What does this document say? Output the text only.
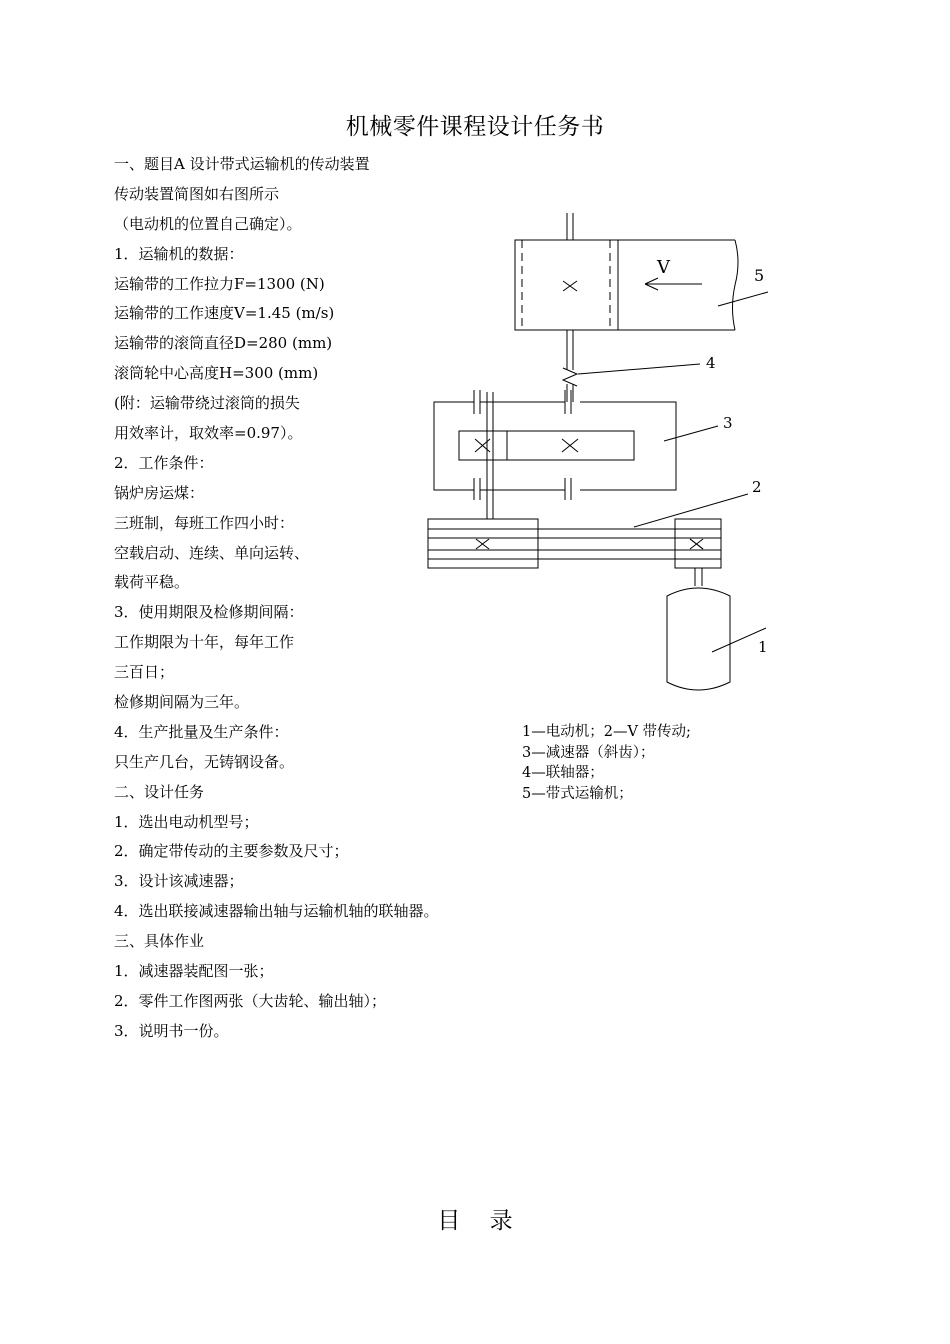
机械零件课程设计任务书
一、题目A 设计带式运输机的传动装置
传动装置简图如右图所示
（电动机的位置自己确定）。
1．运输机的数据：
运输带的工作拉力F=1300 (N)
运输带的工作速度V=1.45 (m/s)
运输带的滚筒直径D=280 (mm)
滚筒轮中心高度H=300 (mm)
(附：运输带绕过滚筒的损失
用效率计，取效率=0.97）。
2．工作条件：
锅炉房运煤：
三班制，每班工作四小时：
空载启动、连续、单向运转、
载荷平稳。
3．使用期限及检修期间隔：
工作期限为十年，每年工作
三百日；
检修期间隔为三年。
4．生产批量及生产条件：
只生产几台，无铸钢设备。
二、设计任务
1．选出电动机型号；
2．确定带传动的主要参数及尺寸；
3．设计该减速器；
4．选出联接减速器输出轴与运输机轴的联轴器。
三、具体作业
1．减速器装配图一张；
2．零件工作图两张（大齿轮、输出轴）；
3．说明书一份。
V	5
4
3
2
1
1—电动机；2—V 带传动;
3—减速器（斜齿）；
4—联轴器；
5—带式运输机；
目    录
